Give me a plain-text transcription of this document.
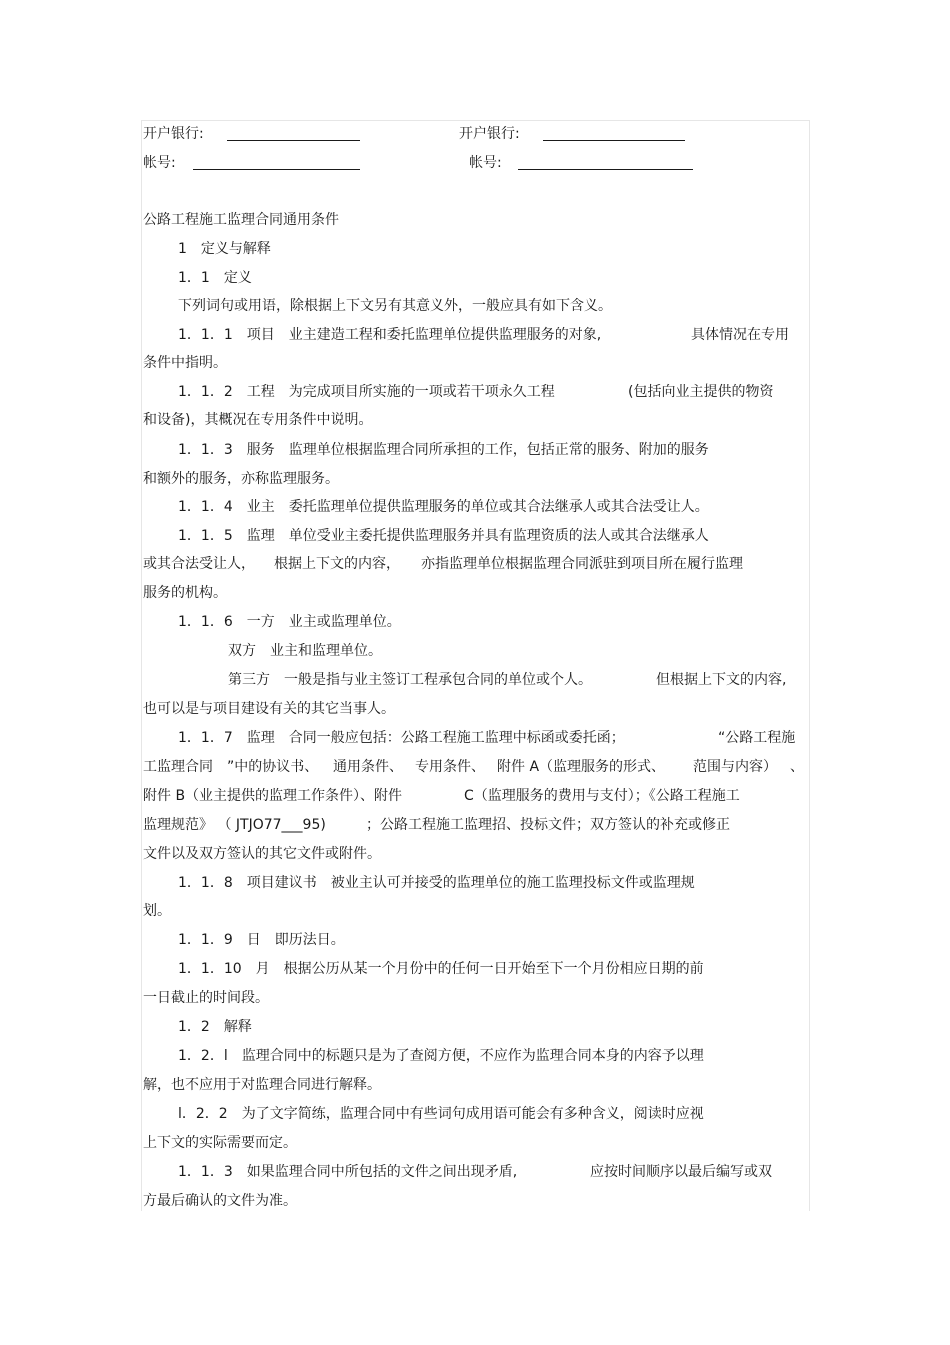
开户银行:	开户银行:
帐号:	帐号:
公路工程施工监理合同通用条件
1　定义与解释
1．1　定义
下列词句或用语，除根据上下文另有其意义外，一般应具有如下含义。
1．1．1　项目　业主建造工程和委托监理单位提供监理服务的对象,	具体情况在专用
条件中指明。
1．1．2　工程　为完成项目所实施的一项或若干项永久工程	(包括向业主提供的物资
和设备)，其概况在专用条件中说明。
1．1．3　服务　监理单位根据监理合同所承担的工作，包括正常的服务、附加的服务
和额外的服务，亦称监理服务。
1．1．4　业主　委托监理单位提供监理服务的单位或其合法继承人或其合法受让人。
1．1．5　监理　单位受业主委托提供监理服务并具有监理资质的法人或其合法继承人
或其合法受让人， 根据上下文的内容， 亦指监理单位根据监理合同派驻到项目所在履行监理
服务的机构。
1．1．6　一方　业主或监理单位。
双方　业主和监理单位。
第三方　一般是指与业主签订工程承包合同的单位或个人。	但根据上下文的内容,
也可以是与项目建设有关的其它当事人。
1．1．7　监理　合同一般应包括：公路工程施工监理中标函或委托函；	“公路工程施
工监理合同　”中的协议书、 通用条件、 专用条件、 附件 A（监理服务的形式、 范围与内容） 、
附件 B（业主提供的监理工作条件）、附件	C（监理服务的费用与支付）；《公路工程施工
监理规范》 （ JTJO77___95)	；公路工程施工监理招、投标文件；双方签认的补充或修正
文件以及双方签认的其它文件或附件。
1．1．8　项目建议书　被业主认可并接受的监理单位的施工监理投标文件或监理规
划。
1．1．9　日　即历法日。
1．1．10　月　根据公历从某一个月份中的任何一日开始至下一个月份相应日期的前
一日截止的时间段。
1．2　解释
1．2．l　监理合同中的标题只是为了查阅方便，不应作为监理合同本身的内容予以理
解，也不应用于对监理合同进行解释。
l．2．2　为了文字简练，监理合同中有些词句成用语可能会有多种含义，阅读时应视
上下文的实际需要而定。
1．1．3　如果监理合同中所包括的文件之间出现矛盾,	应按时间顺序以最后编写或双
方最后确认的文件为准。
